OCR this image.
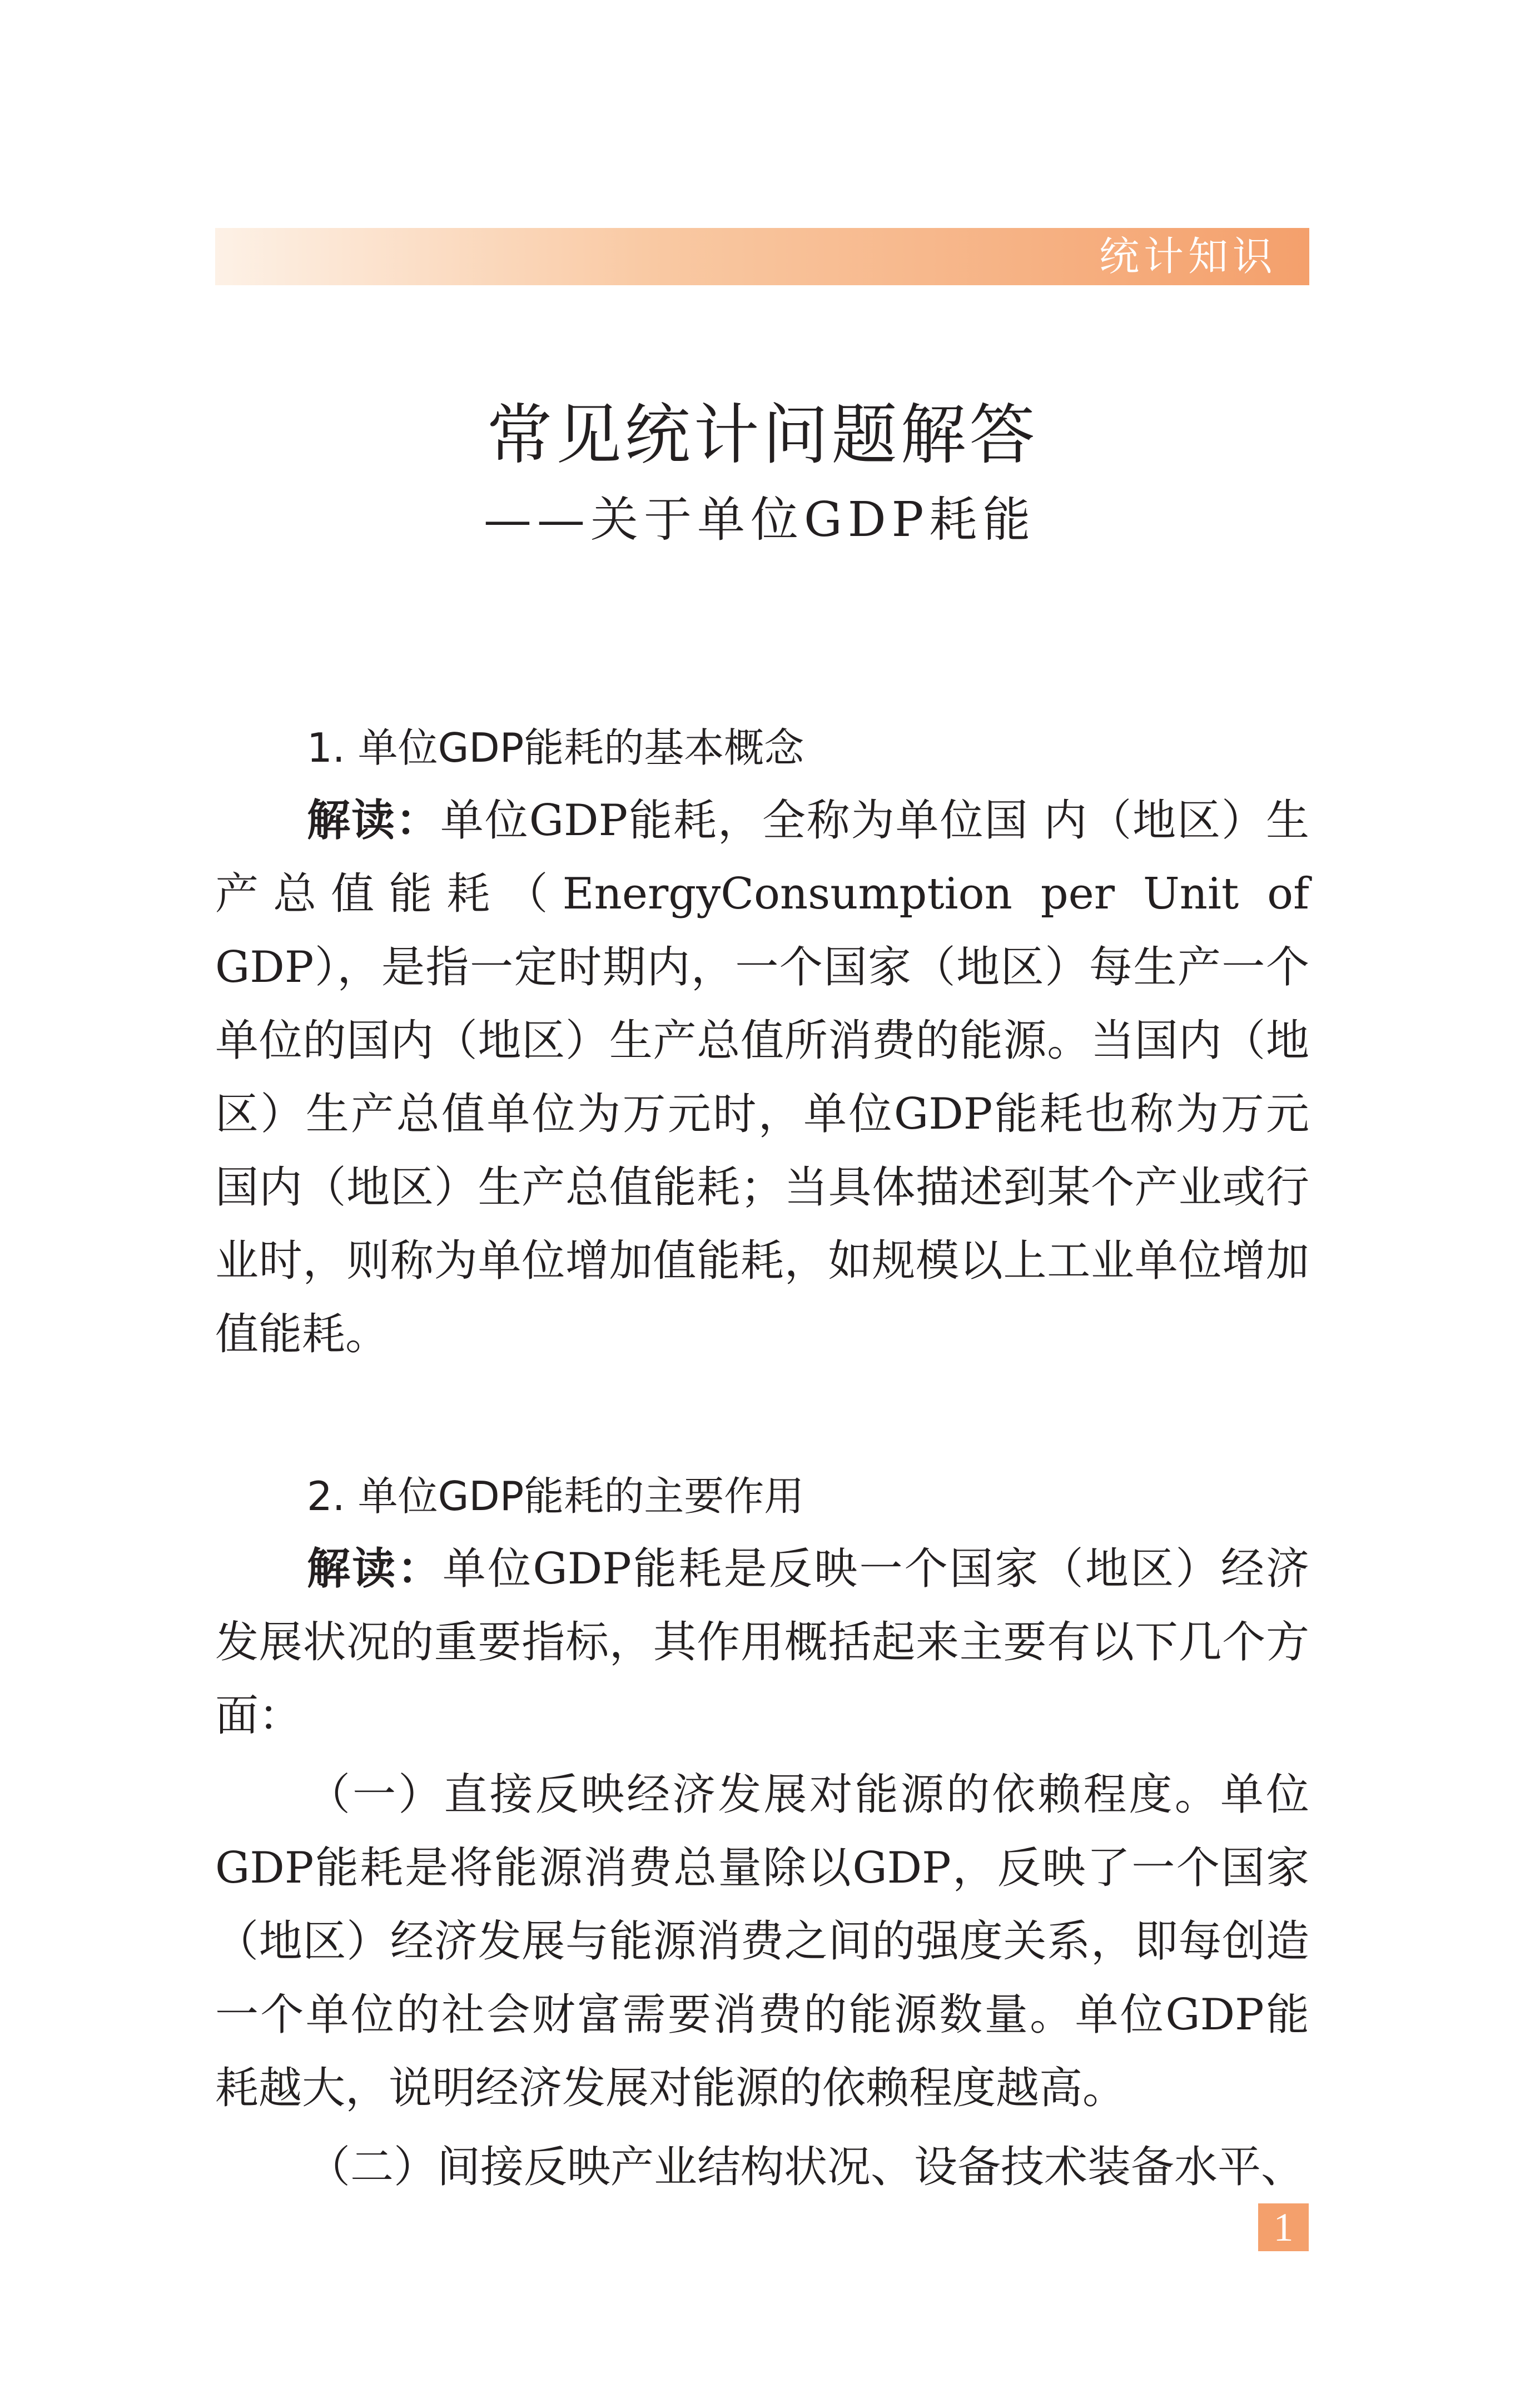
统计知识
常见统计问题解答
——关于单位GDP耗能
1. 单位GDP能耗的基本概念

解读：单位GDP能耗，全称为单位国 内（地区）生产总值能耗（EnergyConsumption per Unit of GDP），是指一定时期内，一个国家（地区）每生产一个单位的国内（地区）生产总值所消费的能源。当国内（地区）生产总值单位为万元时，单位GDP能耗也称为万元国内（地区）生产总值能耗；当具体描述到某个产业或行业时，则称为单位增加值能耗，如规模以上工业单位增加值能耗。

2. 单位GDP能耗的主要作用

解读：单位GDP能耗是反映一个国家（地区）经济发展状况的重要指标，其作用概括起来主要有以下几个方面：

（一）直接反映经济发展对能源的依赖程度。单位GDP能耗是将能源消费总量除以GDP，反映了一个国家（地区）经济发展与能源消费之间的强度关系，即每创造一个单位的社会财富需要消费的能源数量。单位GDP能耗越大，说明经济发展对能源的依赖程度越高。

（二）间接反映产业结构状况、设备技术装备水平、

1
